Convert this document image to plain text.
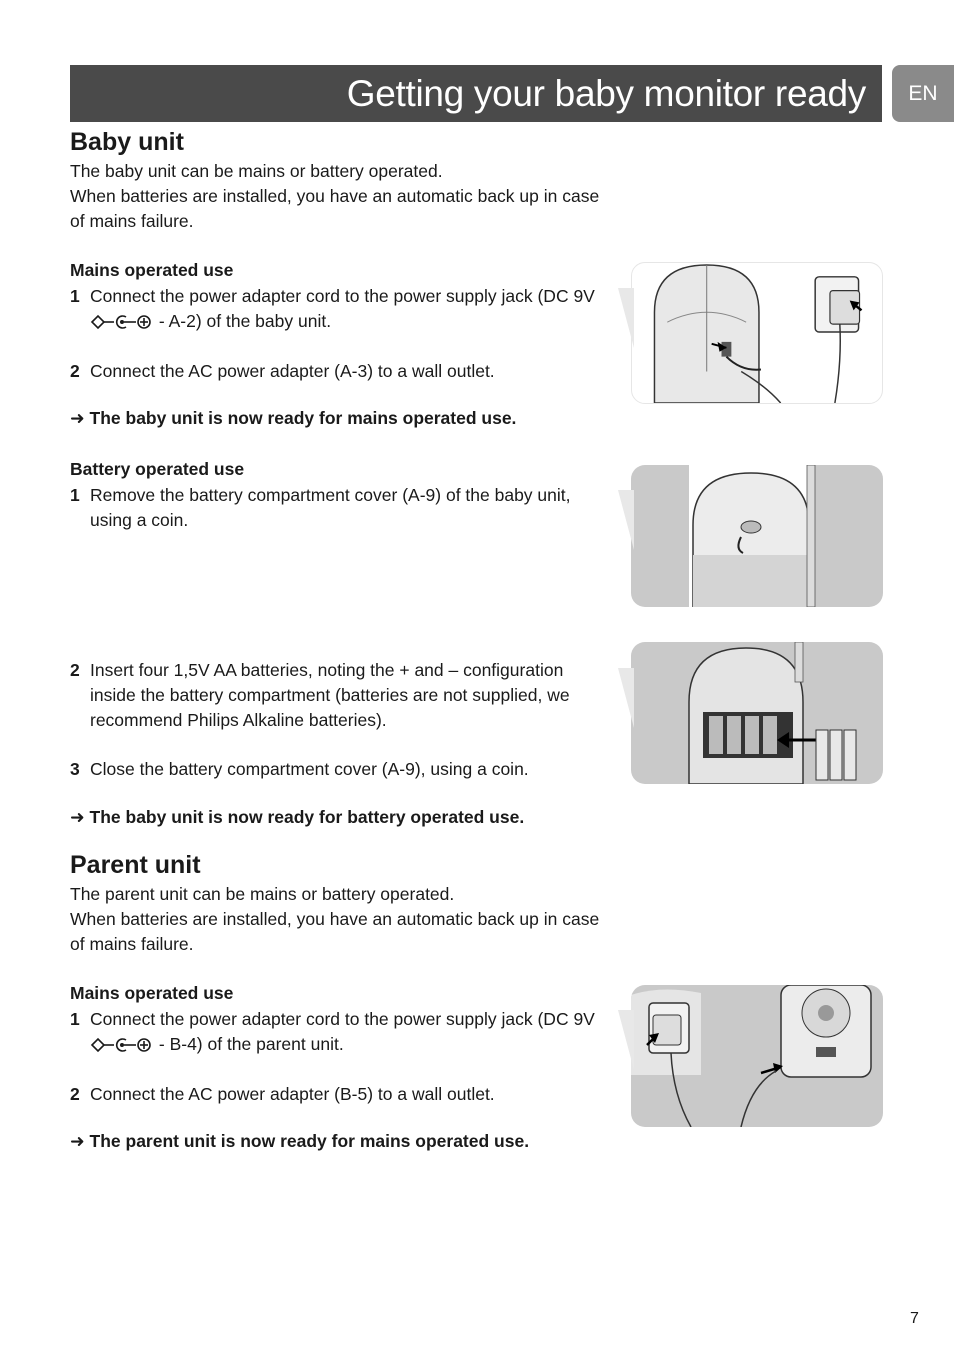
Getting your baby monitor ready EN
Baby unit

The baby unit can be mains or battery operated.

When batteries are installed, you have an automatic back up in case of mains failure.

Mains operated use
1 Connect the power adapter cord to the power supply jack (DC 9V  - A-2) of the baby unit.
2 Connect the AC power adapter (A-3) to a wall outlet.
➜ The baby unit is now ready for mains operated use.
Battery operated use
1 Remove the battery compartment cover (A-9) of the baby unit, using a coin.
2 Insert four 1,5V AA batteries, noting the + and – configuration inside the battery compartment (batteries are not supplied, we recommend Philips Alkaline batteries).
3 Close the battery compartment cover (A-9), using a coin.
➜ The baby unit is now ready for battery operated use.
Parent unit

The parent unit can be mains or battery operated.

When batteries are installed, you have an automatic back up in case of mains failure.

Mains operated use
1 Connect the power adapter cord to the power supply jack (DC 9V  - B-4) of the parent unit.
2 Connect the AC power adapter (B-5) to a wall outlet.
➜ The parent unit is now ready for mains operated use.
7
